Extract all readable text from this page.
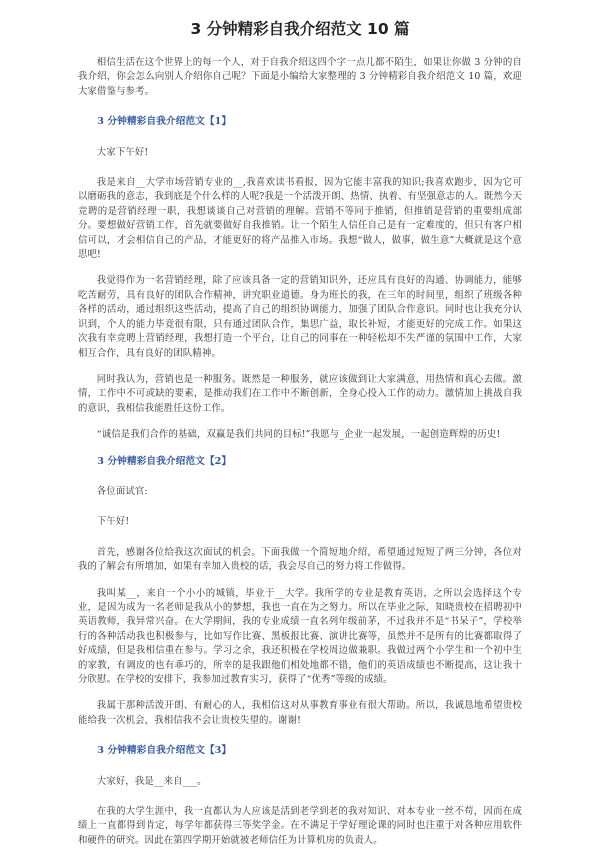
3 分钟精彩自我介绍范文 10 篇

相信生活在这个世界上的每一个人，对于自我介绍这四个字一点儿都不陌生，如果让你做 3 分钟的自我介绍，你会怎么向别人介绍你自己呢？下面是小编给大家整理的 3 分钟精彩自我介绍范文 10 篇，欢迎大家借鉴与参考。

3 分钟精彩自我介绍范文【1】

大家下午好!

我是来自__大学市场营销专业的__,我喜欢读书看报，因为它能丰富我的知识;我喜欢跑步，因为它可以磨砺我的意志，我到底是个什么样的人呢?我是一个活泼开朗、热情、执着、有坚强意志的人。既然今天竞聘的是营销经理一职，我想谈谈自己对营销的理解。营销不等同于推销，但推销是营销的重要组成部分。要想做好营销工作，首先就要做好自我推销。让一个陌生人信任自己是有一定难度的，但只有客户相信可以，才会相信自己的产品，才能更好的将产品推入市场。我想“做人，做事，做生意”大概就是这个意思吧!

我觉得作为一名营销经理，除了应该具备一定的营销知识外，还应具有良好的沟通、协调能力，能够吃苦耐劳，具有良好的团队合作精神，讲究职业道德。身为班长的我，在三年的时间里，组织了班级各种各样的活动，通过组织这些活动，提高了自己的组织协调能力，加强了团队合作意识。同时也让我充分认识到，个人的能力毕竟很有限，只有通过团队合作，集思广益，取长补短，才能更好的完成工作。如果这次我有幸竞聘上营销经理，我想打造一个平台，让自己的同事在一种轻松却不失严谨的氛围中工作，大家相互合作，具有良好的团队精神。

同时我认为，营销也是一种服务。既然是一种服务，就应该做到让大家满意，用热情和真心去做。激情，工作中不可或缺的要素，是推动我们在工作中不断创新，全身心投入工作的动力。激情加上挑战自我的意识，我相信我能胜任这份工作。

“诚信是我们合作的基础，双赢是我们共同的目标!”我愿与_企业一起发展，一起创造辉煌的历史!

3 分钟精彩自我介绍范文【2】

各位面试官:

下午好!

首先，感谢各位给我这次面试的机会。下面我做一个简短地介绍，希望通过短短了两三分钟，各位对我的了解会有所增加，如果有幸加入贵校的话，我会尽自己的努力将工作做得。

我叫某__，来自一个小小的城镇，毕业于__大学。我所学的专业是教育英语，之所以会选择这个专业，是因为成为一名老师是我从小的梦想，我也一直在为之努力。所以在毕业之际，知晓贵校在招聘初中英语教师，我异常兴奋。在大学期间，我的专业成绩一直名列年级前茅，不过我并不是“书呆子”，学校举行的各种活动我也积极参与，比如写作比赛、黑板报比赛、演讲比赛等，虽然并不是所有的比赛都取得了好成绩，但是我相信重在参与。学习之余，我还积极在学校周边做兼职。我做过两个小学生和一个初中生的家教，有调皮的也有乖巧的，所幸的是我跟他们相处地都不错，他们的英语成绩也不断提高，这让我十分欣慰。在学校的安排下，我参加过教育实习，获得了“优秀”等级的成绩。

我属于那种活泼开朗、有耐心的人，我相信这对从事教育事业有很大帮助。所以，我诚恳地希望贵校能给我一次机会，我相信我不会让贵校失望的。谢谢!

3 分钟精彩自我介绍范文【3】

大家好，我是__来自___。

在我的大学生涯中，我一直都认为人应该是活到老学到老的我对知识、对本专业一丝不苟，因而在成绩上一直都得到肯定，每学年都获得三等奖学金。在不满足于学好理论课的同时也注重于对各种应用软件和硬件的研究。因此在第四学期开始就被老师信任为计算机房的负责人。
